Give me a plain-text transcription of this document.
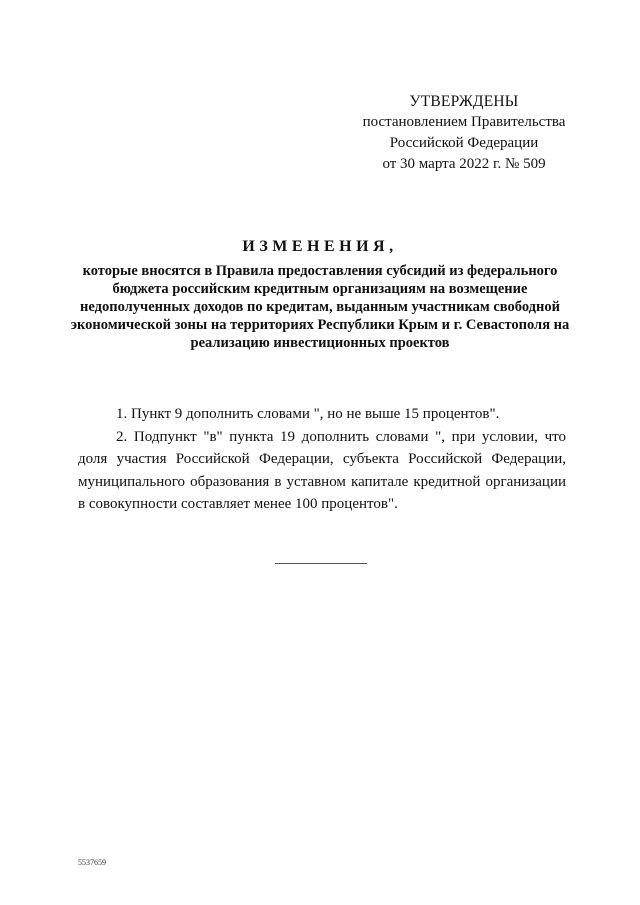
УТВЕРЖДЕНЫ
постановлением Правительства
Российской Федерации
от 30 марта 2022 г. № 509
ИЗМЕНЕНИЯ,
которые вносятся в Правила предоставления субсидий из федерального бюджета российским кредитным организациям на возмещение недополученных доходов по кредитам, выданным участникам свободной экономической зоны на территориях Республики Крым и г. Севастополя на реализацию инвестиционных проектов

1. Пункт 9 дополнить словами ", но не выше 15 процентов".

2. Подпункт "в" пункта 19 дополнить словами ", при условии, что доля участия Российской Федерации, субъекта Российской Федерации, муниципального образования в уставном капитале кредитной организации в совокупности составляет менее 100 процентов".

5537659
